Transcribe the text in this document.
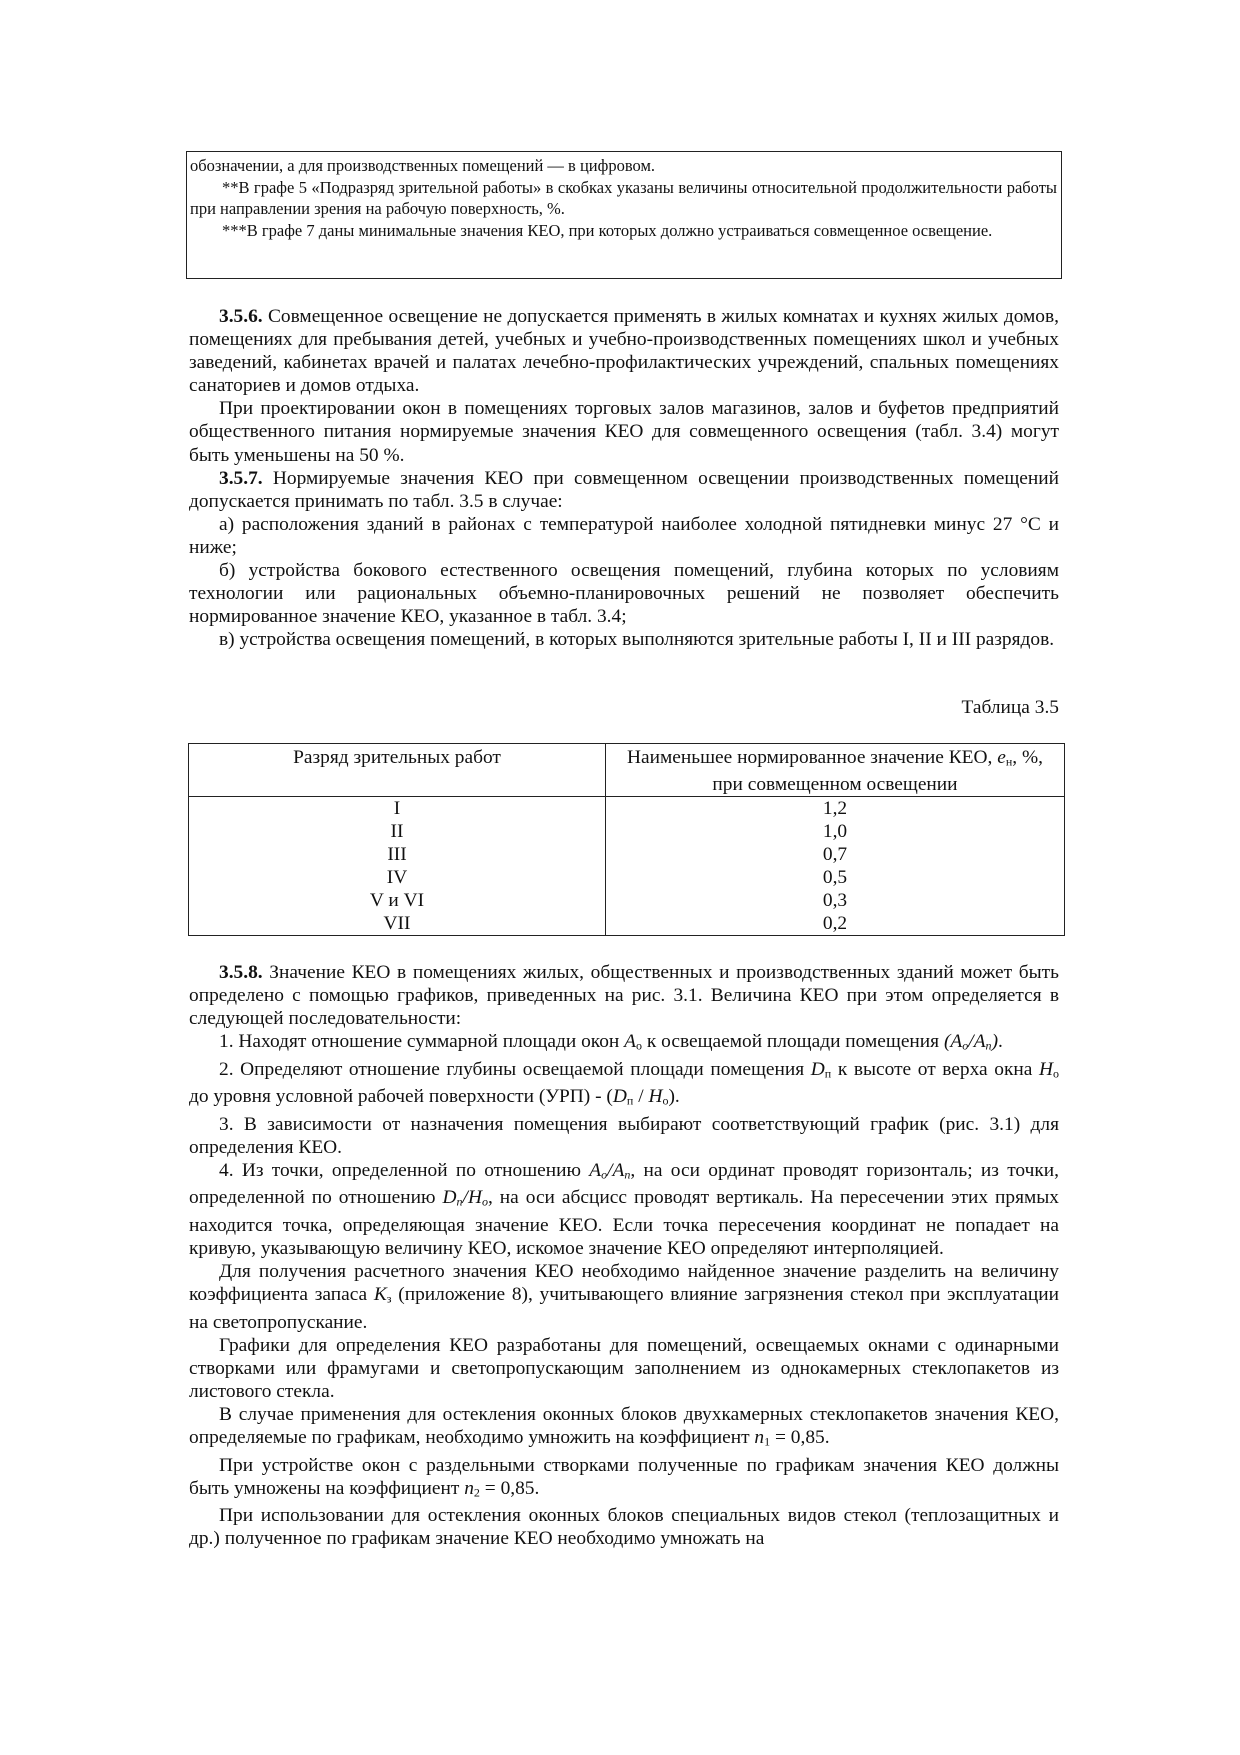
обозначении, а для производственных помещений — в цифровом.

**В графе 5 «Подразряд зрительной работы» в скобках указаны величины относительной продолжительности работы при направлении зрения на рабочую поверхность, %.

***В графе 7 даны минимальные значения КЕО, при которых должно устраиваться совмещенное освещение.

3.5.6. Совмещенное освещение не допускается применять в жилых комнатах и кухнях жилых домов, помещениях для пребывания детей, учебных и учебно-производственных помещениях школ и учебных заведений, кабинетах врачей и палатах лечебно-профилактических учреждений, спальных помещениях санаториев и домов отдыха.

При проектировании окон в помещениях торговых залов магазинов, залов и буфетов предприятий общественного питания нормируемые значения КЕО для совмещенного освещения (табл. 3.4) могут быть уменьшены на 50 %.

3.5.7. Нормируемые значения КЕО при совмещенном освещении производственных помещений допускается принимать по табл. 3.5 в случае:

а) расположения зданий в районах с температурой наиболее холодной пятидневки минус 27 °С и ниже;

б) устройства бокового естественного освещения помещений, глубина которых по условиям технологии или рациональных объемно-планировочных решений не позволяет обеспечить нормированное значение КЕО, указанное в табл. 3.4;

в) устройства освещения помещений, в которых выполняются зрительные работы I, II и III разрядов.

Таблица 3.5
Разряд зрительных работ	Наименьшее нормированное значение КЕО, $е_н$, %,
при совмещенном освещении
I	1,2
II	1,0
III	0,7
IV	0,5
V и VI	0,3
VII	0,2

3.5.8. Значение КЕО в помещениях жилых, общественных и производственных зданий может быть определено с помощью графиков, приведенных на рис. 3.1. Величина КЕО при этом определяется в следующей последовательности:

1. Находят отношение суммарной площади окон $A_о$ к освещаемой площади помещения $(A_о/A_п)$.

2. Определяют отношение глубины освещаемой площади помещения $D_п$ к высоте от верха окна $H_о$ до уровня условной рабочей поверхности $(УРП) - (D_п / H_о)$.

3. В зависимости от назначения помещения выбирают соответствующий график (рис. 3.1) для определения КЕО.

4. Из точки, определенной по отношению $A_о/A_п$, на оси ординат проводят горизонталь; из точки, определенной по отношению $D_п/H_о$, на оси абсцисс проводят вертикаль. На пересечении этих прямых находится точка, определяющая значение КЕО. Если точка пересечения координат не попадает на кривую, указывающую величину КЕО, искомое значение КЕО определяют интерполяцией.

Для получения расчетного значения КЕО необходимо найденное значение разделить на величину коэффициента запаса $K_з$ (приложение 8), учитывающего влияние загрязнения стекол при эксплуатации на светопропускание.

Графики для определения КЕО разработаны для помещений, освещаемых окнами с одинарными створками или фрамугами и светопропускающим заполнением из однокамерных стеклопакетов из листового стекла.

В случае применения для остекления оконных блоков двухкамерных стеклопакетов значения КЕО, определяемые по графикам, необходимо умножить на коэффициент $n_1 = 0,85$.

При устройстве окон с раздельными створками полученные по графикам значения КЕО должны быть умножены на коэффициент $n_2 = 0,85$.

При использовании для остекления оконных блоков специальных видов стекол (теплозащитных и др.) полученное по графикам значение КЕО необходимо умножать на
